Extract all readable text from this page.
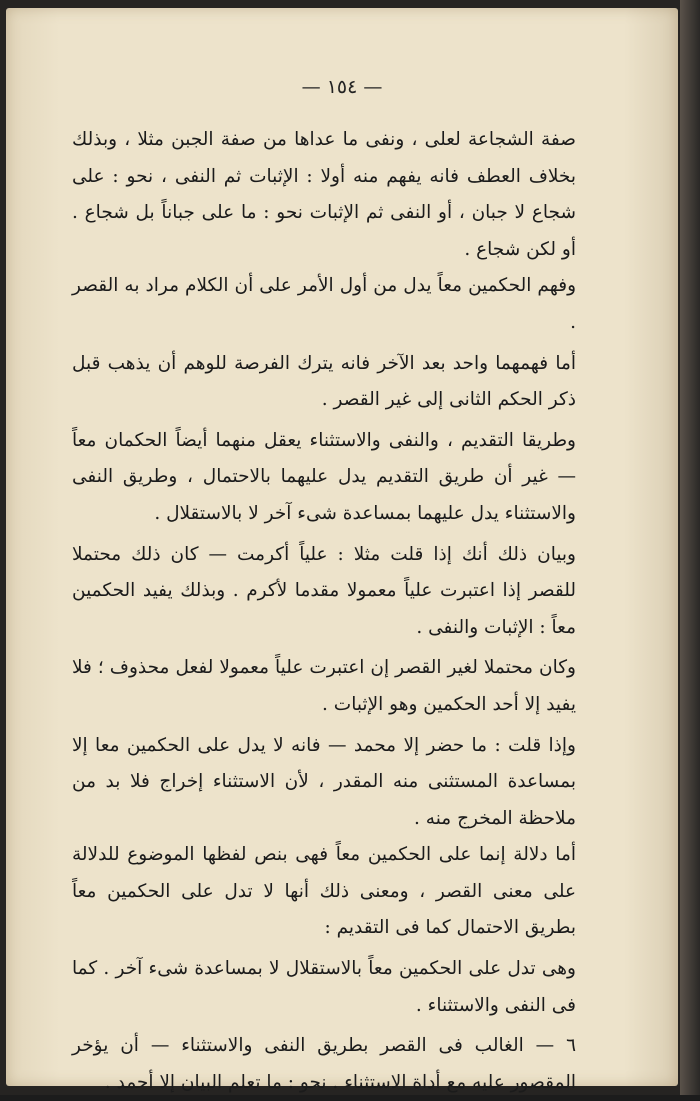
— ١٥٤ —

صفة الشجاعة لعلى ، ونفى ما عداها من صفة الجبن مثلا ، وبذلك بخلاف العطف فانه يفهم منه أولا : الإثبات ثم النفى ، نحو : على شجاع لا جبان ، أو النفى ثم الإثبات نحو : ما على جباناً بل شجاع . أو لكن شجاع .

وفهم الحكمين معاً يدل من أول الأمر على أن الكلام مراد به القصر .

أما فهمهما واحد بعد الآخر فانه يترك الفرصة للوهم أن يذهب قبل ذكر الحكم الثانى إلى غير القصر .

وطريقا التقديم ، والنفى والاستثناء يعقل منهما أيضاً الحكمان معاً — غير أن طريق التقديم يدل عليهما بالاحتمال ، وطريق النفى والاستثناء يدل عليهما بمساعدة شىء آخر لا بالاستقلال .

وبيان ذلك أنك إذا قلت مثلا : علياً أكرمت — كان ذلك محتملا للقصر إذا اعتبرت علياً معمولا مقدما لأكرم . وبذلك يفيد الحكمين معاً : الإثبات والنفى .

وكان محتملا لغير القصر إن اعتبرت علياً معمولا لفعل محذوف ؛ فلا يفيد إلا أحد الحكمين وهو الإثبات .

وإذا قلت : ما حضر إلا محمد — فانه لا يدل على الحكمين معا إلا بمساعدة المستثنى منه المقدر ، لأن الاستثناء إخراج فلا بد من ملاحظة المخرج منه .

أما دلالة إنما على الحكمين معاً فهى بنص لفظها الموضوع للدلالة على معنى القصر ، ومعنى ذلك أنها لا تدل على الحكمين معاً بطريق الاحتمال كما فى التقديم :

وهى تدل على الحكمين معاً بالاستقلال لا بمساعدة شىء آخر . كما فى النفى والاستثناء .

٦ — الغالب فى القصر بطريق النفى والاستثناء — أن يؤخر المقصور عليه مع أداة الاستثناء . نحو : ما تعلم البيان إلا أحمد .
